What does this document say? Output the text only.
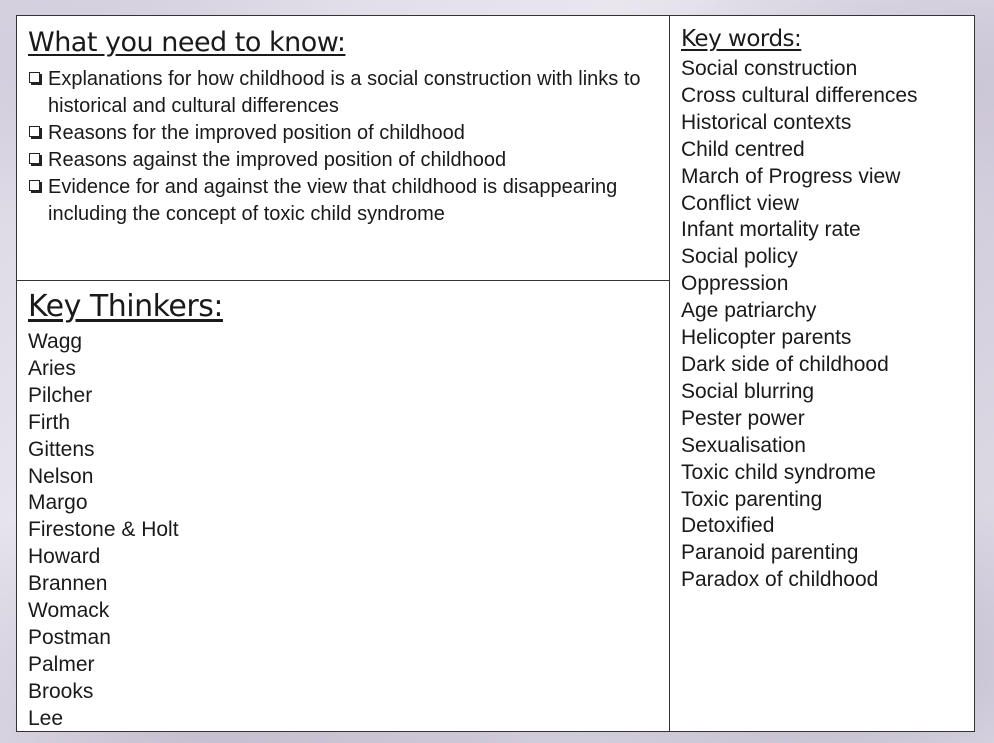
What you need to know:
Explanations for how childhood is a social construction with links to historical and cultural differences
Reasons for the improved position of childhood
Reasons against the improved position of childhood
Evidence for and against the view that childhood is disappearing including the concept of toxic child syndrome
Key Thinkers:
Wagg
Aries
Pilcher
Firth
Gittens
Nelson
Margo
Firestone & Holt
Howard
Brannen
Womack
Postman
Palmer
Brooks
Lee
Key words:
Social construction
Cross cultural differences
Historical contexts
Child centred
March of Progress view
Conflict view
Infant mortality rate
Social policy
Oppression
Age patriarchy
Helicopter parents
Dark side of childhood
Social blurring
Pester power
Sexualisation
Toxic child syndrome
Toxic parenting
Detoxified
Paranoid parenting
Paradox of childhood
